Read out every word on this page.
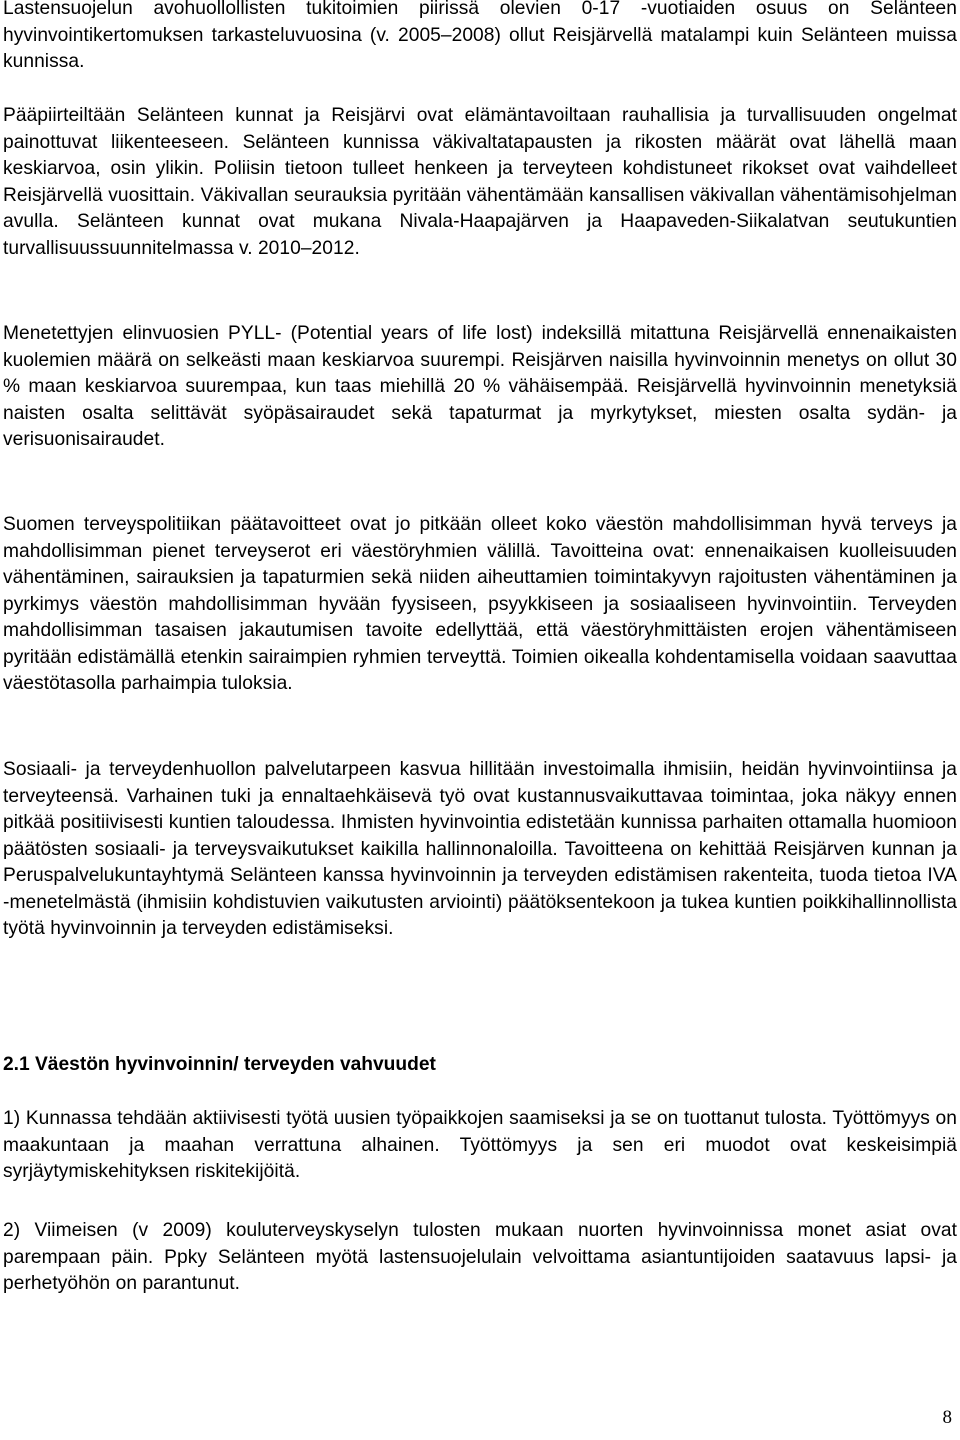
Lastensuojelun avohuollollisten tukitoimien piirissä olevien 0-17 -vuotiaiden osuus on Selänteen hyvinvointikertomuksen tarkasteluvuosina (v. 2005–2008) ollut Reisjärvellä matalampi kuin Selänteen muissa kunnissa.

Pääpiirteiltään Selänteen kunnat ja Reisjärvi ovat elämäntavoiltaan rauhallisia ja turvallisuuden ongelmat painottuvat liikenteeseen. Selänteen kunnissa väkivaltatapausten ja rikosten määrät ovat lähellä maan keskiarvoa, osin ylikin. Poliisin tietoon tulleet henkeen ja terveyteen kohdistuneet rikokset ovat vaihdelleet Reisjärvellä vuosittain. Väkivallan seurauksia pyritään vähentämään kansallisen väkivallan vähentämisohjelman avulla. Selänteen kunnat ovat mukana Nivala-Haapajärven ja Haapaveden-Siikalatvan seutukuntien turvallisuussuunnitelmassa v. 2010–2012.

Menetettyjen elinvuosien PYLL- (Potential years of life lost) indeksillä mitattuna Reisjärvellä ennenaikaisten kuolemien määrä on selkeästi maan keskiarvoa suurempi. Reisjärven naisilla hyvinvoinnin menetys on ollut 30 % maan keskiarvoa suurempaa, kun taas miehillä 20 % vähäisempää. Reisjärvellä hyvinvoinnin menetyksiä naisten osalta selittävät syöpäsairaudet sekä tapaturmat ja myrkytykset, miesten osalta sydän- ja verisuonisairaudet.

Suomen terveyspolitiikan päätavoitteet ovat jo pitkään olleet koko väestön mahdollisimman hyvä terveys ja mahdollisimman pienet terveyserot eri väestöryhmien välillä. Tavoitteina ovat: ennenaikaisen kuolleisuuden vähentäminen, sairauksien ja tapaturmien sekä niiden aiheuttamien toimintakyvyn rajoitusten vähentäminen ja pyrkimys väestön mahdollisimman hyvään fyysiseen, psyykkiseen ja sosiaaliseen hyvinvointiin. Terveyden mahdollisimman tasaisen jakautumisen tavoite edellyttää, että väestöryhmittäisten erojen vähentämiseen pyritään edistämällä etenkin sairaimpien ryhmien terveyttä. Toimien oikealla kohdentamisella voidaan saavuttaa väestötasolla parhaimpia tuloksia.

Sosiaali- ja terveydenhuollon palvelutarpeen kasvua hillitään investoimalla ihmisiin, heidän hyvinvointiinsa ja terveyteensä. Varhainen tuki ja ennaltaehkäisevä työ ovat kustannusvaikuttavaa toimintaa, joka näkyy ennen pitkää positiivisesti kuntien taloudessa. Ihmisten hyvinvointia edistetään kunnissa parhaiten ottamalla huomioon päätösten sosiaali- ja terveysvaikutukset kaikilla hallinnonaloilla. Tavoitteena on kehittää Reisjärven kunnan ja Peruspalvelukuntayhtymä Selänteen kanssa hyvinvoinnin ja terveyden edistämisen rakenteita, tuoda tietoa IVA -menetelmästä (ihmisiin kohdistuvien vaikutusten arviointi) päätöksentekoon ja tukea kuntien poikkihallinnollista työtä hyvinvoinnin ja terveyden edistämiseksi.

2.1 Väestön hyvinvoinnin/ terveyden vahvuudet

1) Kunnassa tehdään aktiivisesti työtä uusien työpaikkojen saamiseksi ja se on tuottanut tulosta. Työttömyys on maakuntaan ja maahan verrattuna alhainen. Työttömyys ja sen eri muodot ovat keskeisimpiä syrjäytymiskehityksen riskitekijöitä.

2) Viimeisen (v 2009) kouluterveyskyselyn tulosten mukaan nuorten hyvinvoinnissa monet asiat ovat parempaan päin. Ppky Selänteen myötä lastensuojelulain velvoittama asiantuntijoiden saatavuus lapsi- ja perhetyöhön on parantunut.

8
